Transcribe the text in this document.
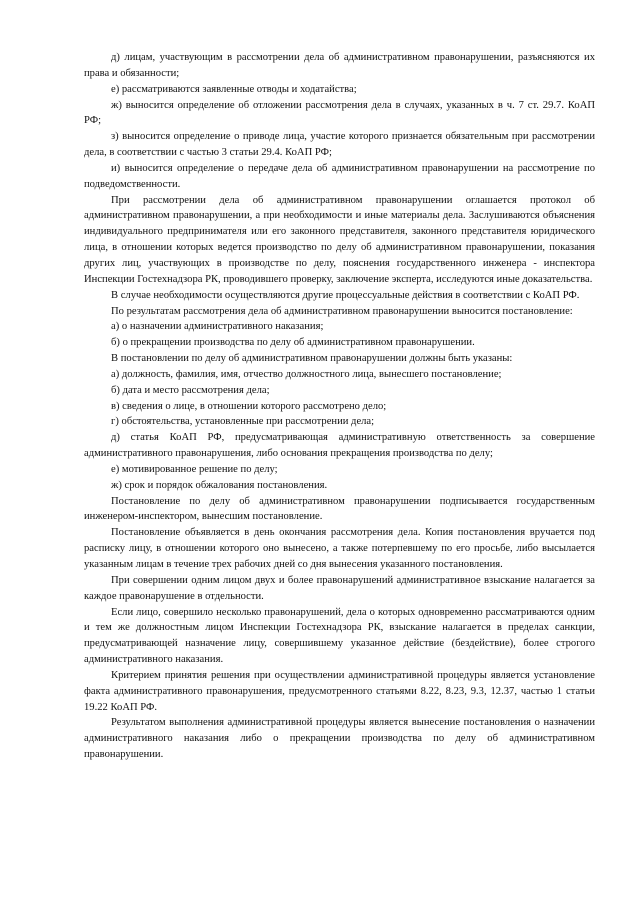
д) лицам, участвующим в рассмотрении дела об административном правонарушении, разъясняются их права и обязанности;

е) рассматриваются заявленные отводы и ходатайства;

ж) выносится определение об отложении рассмотрения дела в случаях, указанных в ч. 7 ст. 29.7. КоАП РФ;

з) выносится определение о приводе лица, участие которого признается обязательным при рассмотрении дела, в соответствии с частью 3 статьи 29.4. КоАП РФ;

и) выносится определение о передаче дела об административном правонарушении на рассмотрение по подведомственности.

При рассмотрении дела об административном правонарушении оглашается протокол об административном правонарушении, а при необходимости и иные материалы дела. Заслушиваются объяснения индивидуального предпринимателя или его законного представителя, законного представителя юридического лица, в отношении которых ведется производство по делу об административном правонарушении, показания других лиц, участвующих в производстве по делу, пояснения государственного инженера - инспектора Инспекции Гостехнадзора РК, проводившего проверку, заключение эксперта, исследуются иные доказательства.

В случае необходимости осуществляются другие процессуальные действия в соответствии с КоАП РФ.

По результатам рассмотрения дела об административном правонарушении выносится постановление:

а) о назначении административного наказания;

б) о прекращении производства по делу об административном правонарушении.

В постановлении по делу об административном правонарушении должны быть указаны:

а) должность, фамилия, имя, отчество должностного лица, вынесшего постановление;

б) дата и место рассмотрения дела;

в) сведения о лице, в отношении которого рассмотрено дело;

г) обстоятельства, установленные при рассмотрении дела;

д) статья КоАП РФ, предусматривающая административную ответственность за совершение административного правонарушения, либо основания прекращения производства по делу;

е) мотивированное решение по делу;

ж) срок и порядок обжалования постановления.

Постановление по делу об административном правонарушении подписывается государственным инженером-инспектором, вынесшим постановление.

Постановление объявляется в день окончания рассмотрения дела. Копия постановления вручается под расписку лицу, в отношении которого оно вынесено, а также потерпевшему по его просьбе, либо высылается указанным лицам в течение трех рабочих дней со дня вынесения указанного постановления.

При совершении одним лицом двух и более правонарушений административное взыскание налагается за каждое правонарушение в отдельности.

Если лицо, совершило несколько правонарушений, дела о которых одновременно рассматриваются одним и тем же должностным лицом Инспекции Гостехнадзора РК, взыскание налагается в пределах санкции, предусматривающей назначение лицу, совершившему указанное действие (бездействие), более строгого административного наказания.

Критерием принятия решения при осуществлении административной процедуры является установление факта административного правонарушения, предусмотренного статьями 8.22, 8.23, 9.3, 12.37, частью 1 статьи 19.22 КоАП РФ.

Результатом выполнения административной процедуры является вынесение постановления о назначении административного наказания либо о прекращении производства по делу об административном правонарушении.
